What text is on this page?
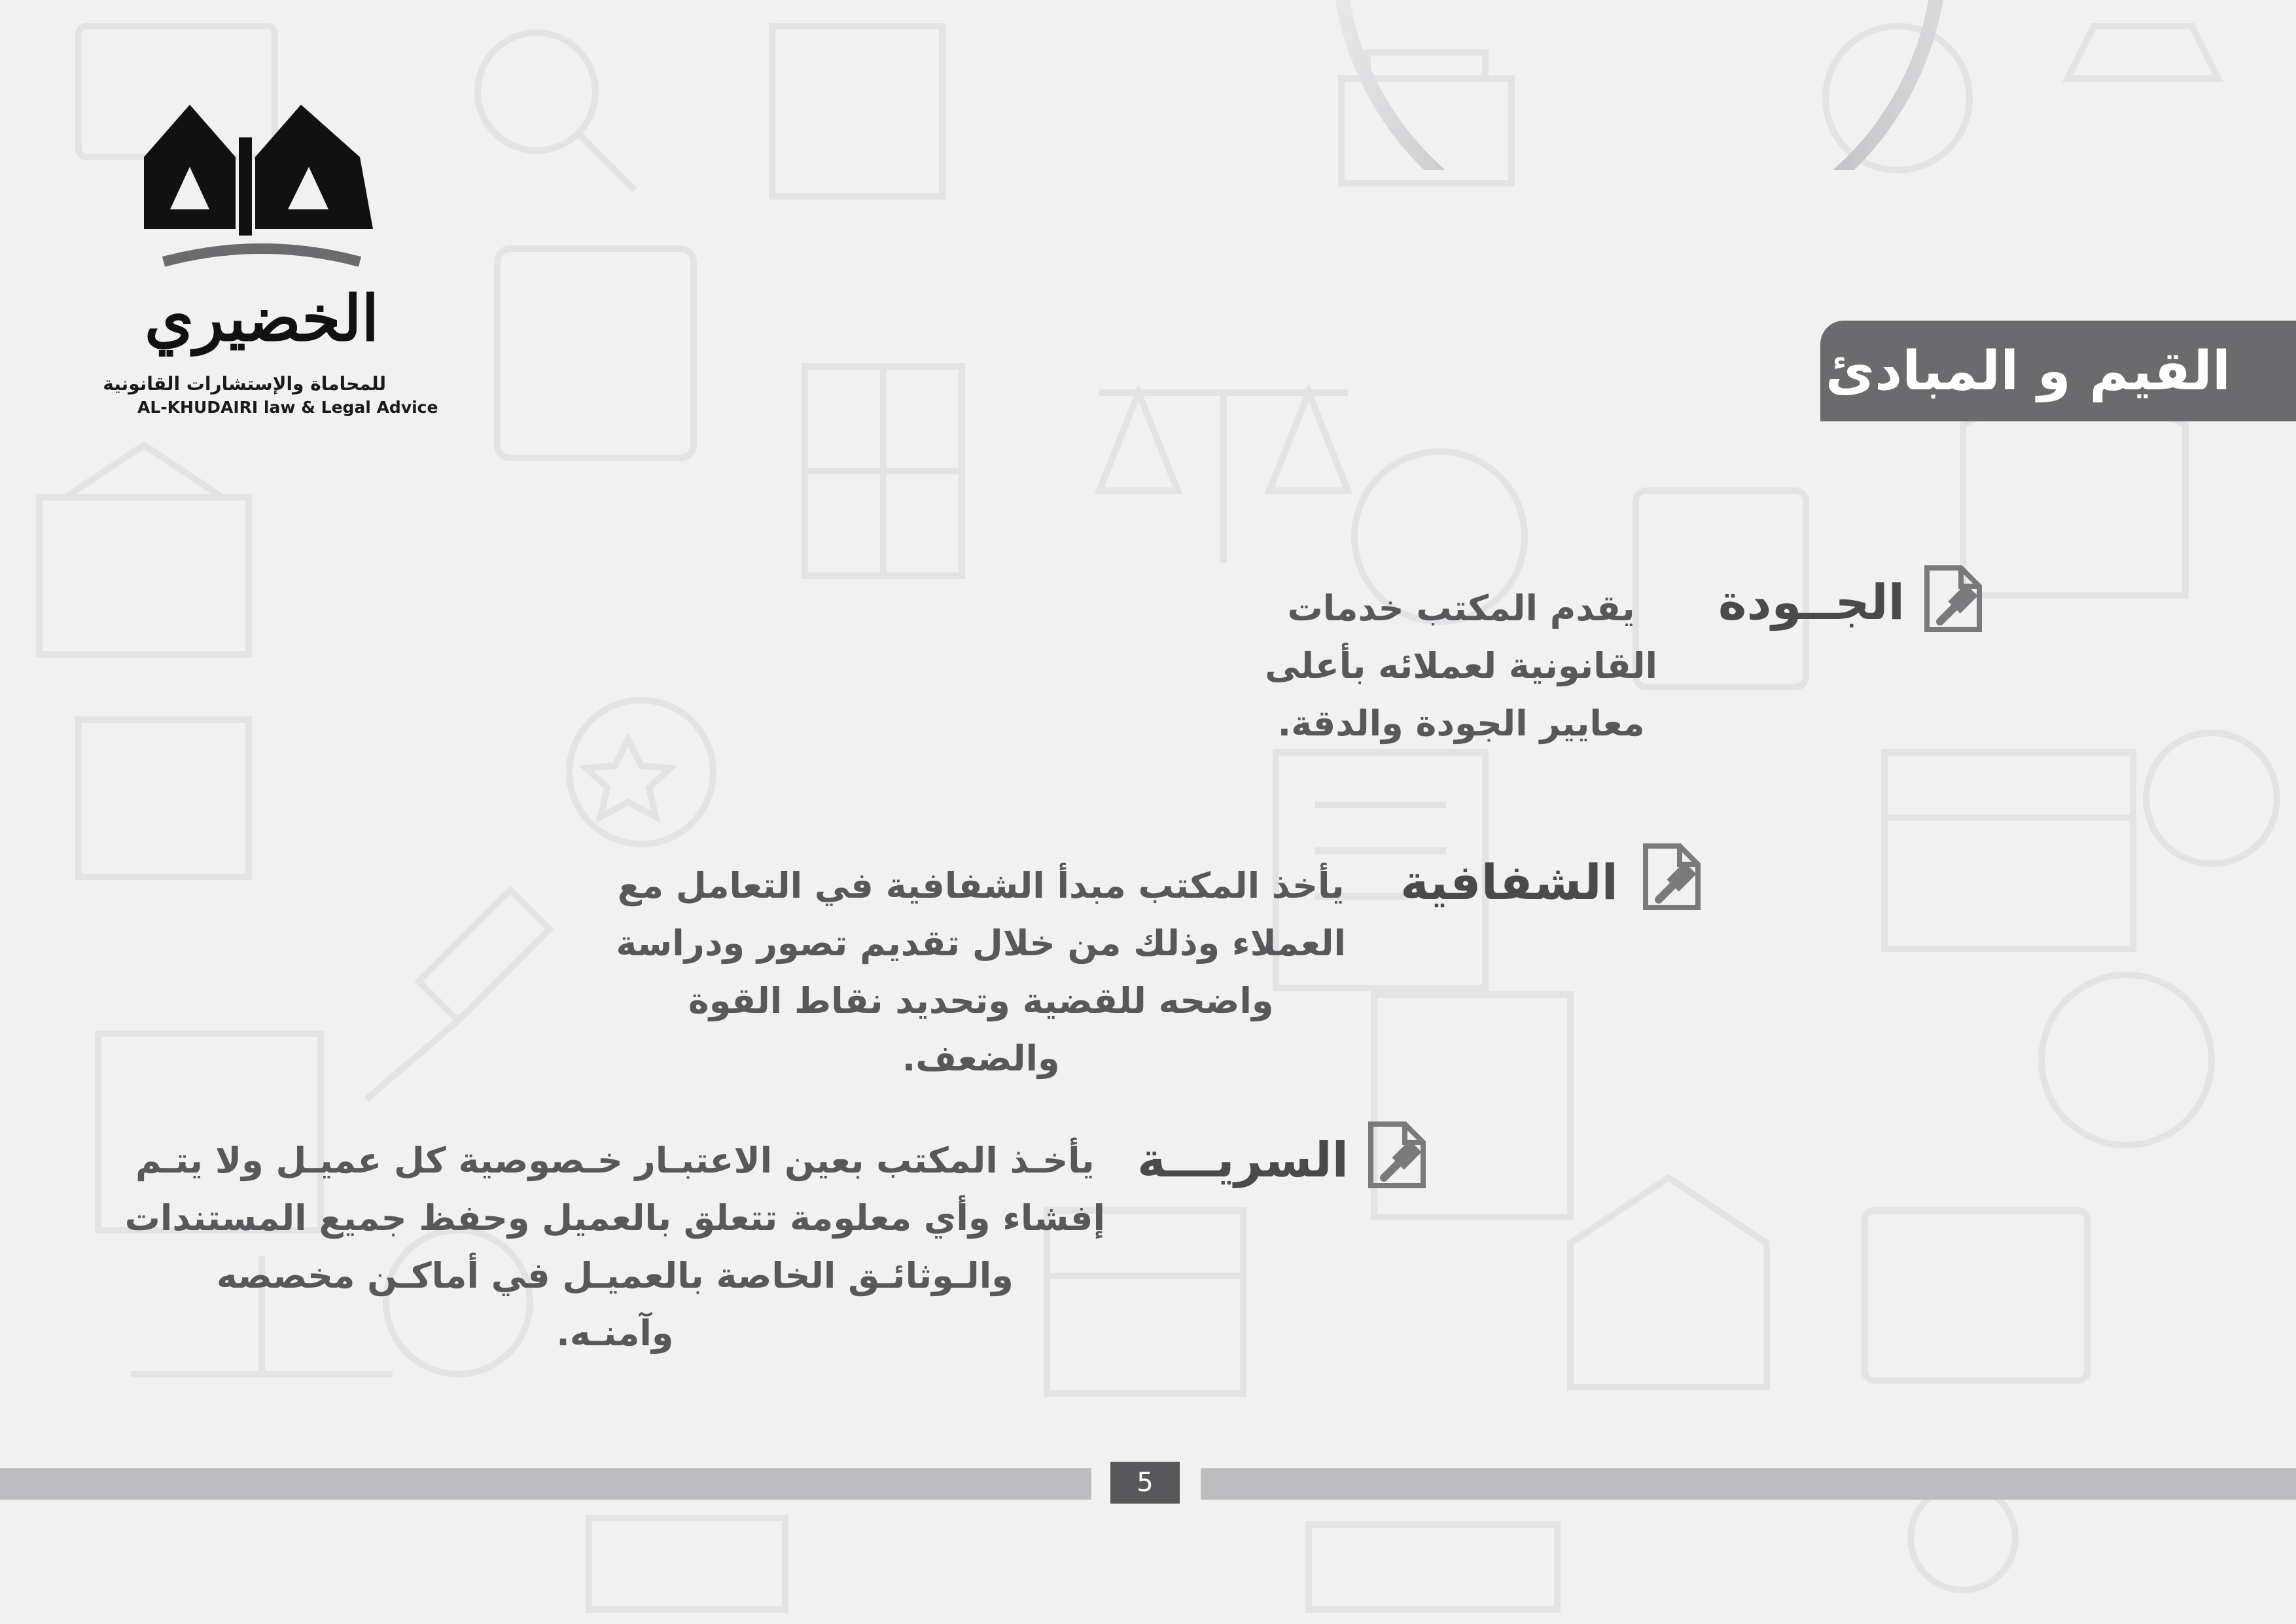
الخضيري
للمحاماة والإستشارات القانونية
AL-KHUDAIRI law & Legal Advice
القيم و المبادئ
الجــودة
يقدم المكتب خدمات
القانونية لعملائه بأعلى
معايير الجودة والدقة.
الشفافية
يأخذ المكتب مبدأ الشفافية في التعامل مع
العملاء وذلك من خلال تقديم تصور ودراسة
واضحه للقضية وتحديد نقاط القوة
والضعف.
السريـــة
يأخـذ المكتب بعين الاعتبـار خـصوصية كل عميـل ولا يتـم
إفشاء وأي معلومة تتعلق بالعميل وحفظ جميع المستندات
والـوثائـق الخاصة بالعميـل في أماكـن مخصصه
وآمنـه.
5
